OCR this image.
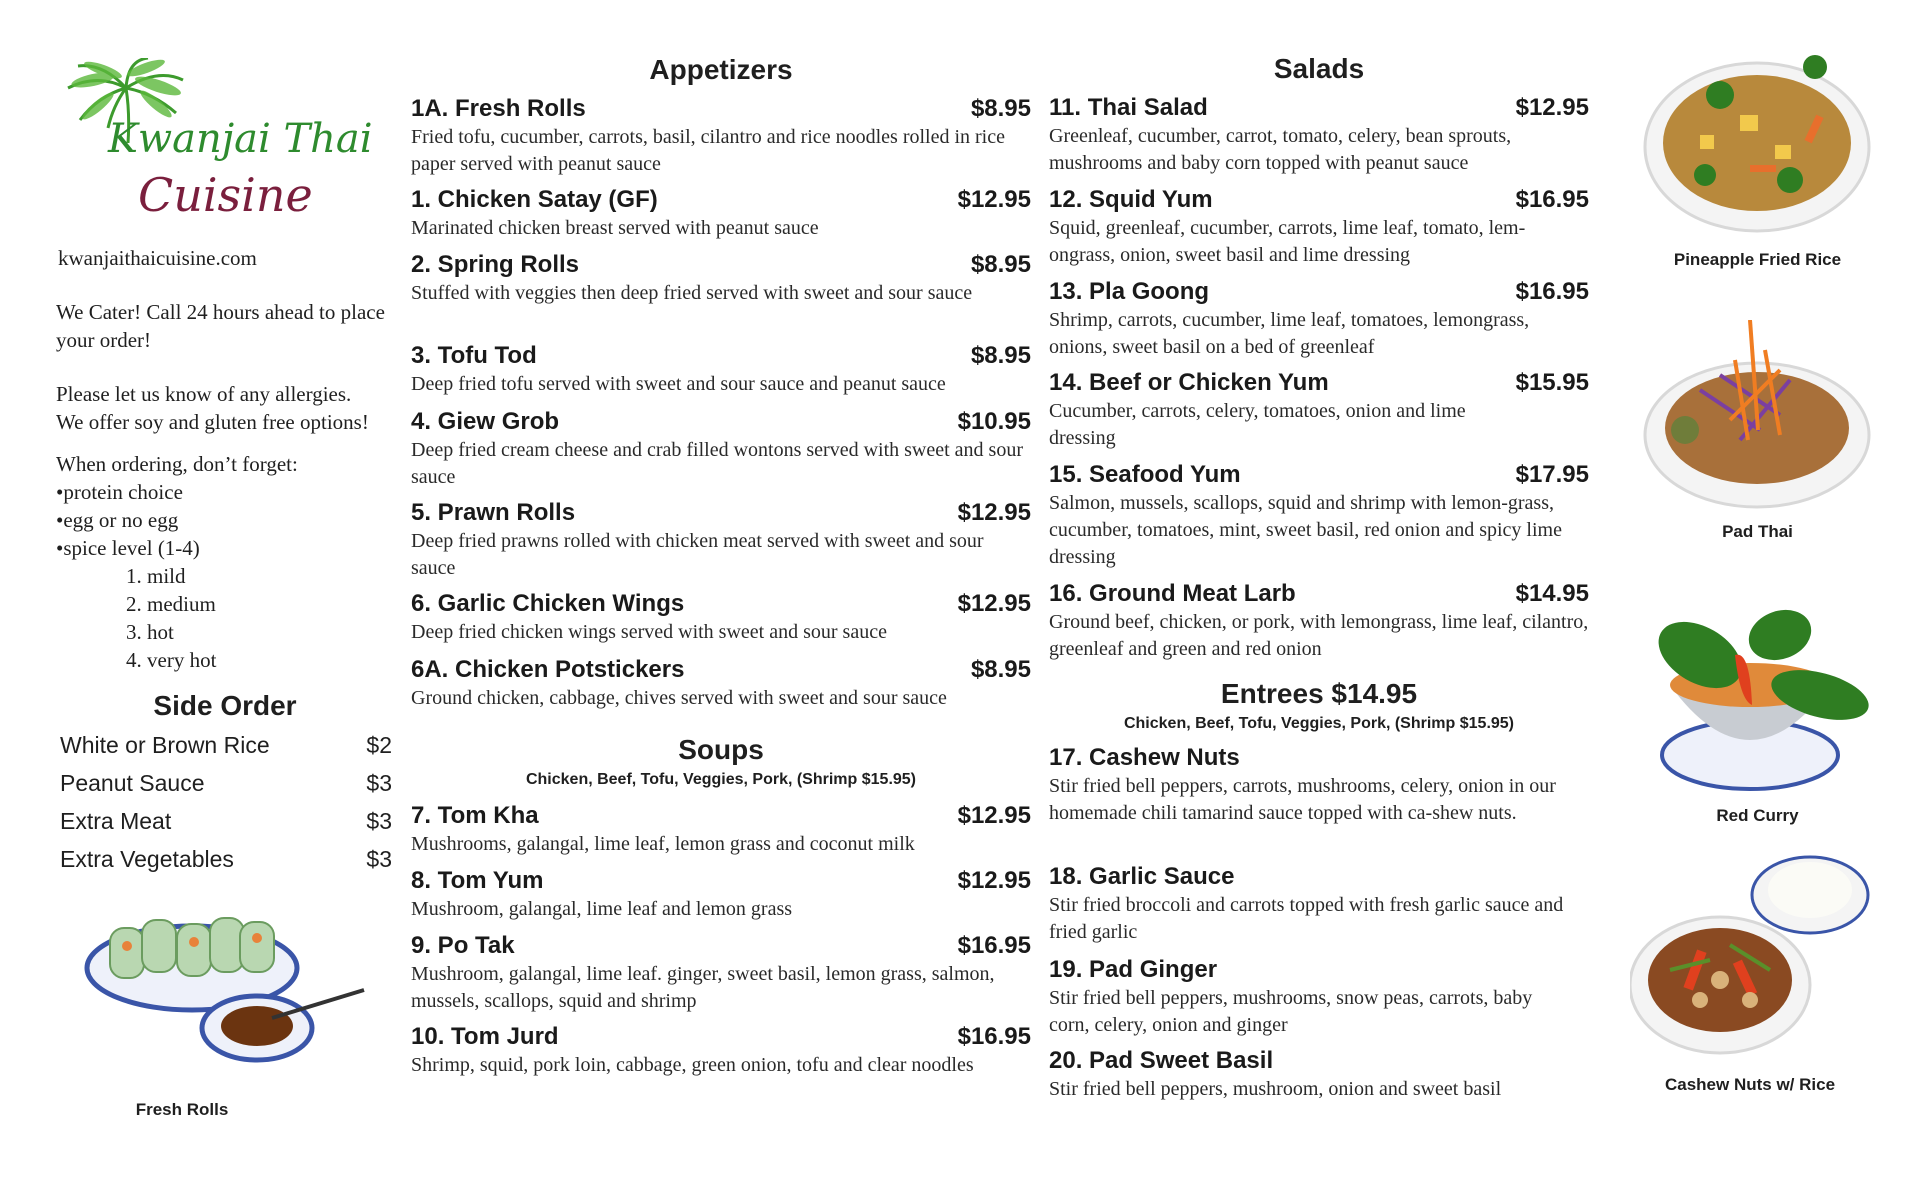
Kwanjai Thai
Cuisine
kwanjaithaicuisine.com
We Cater! Call 24 hours ahead to place your order!
Please let us know of any allergies.
We offer soy and gluten free options!
When ordering, don’t forget:
• protein choice
• egg or no egg
• spice level (1-4)
1. mild
2. medium
3. hot
4. very hot
Side Order
White or Brown Rice	$2
Peanut Sauce	$3
Extra Meat	$3
Extra Vegetables	$3
Fresh Rolls
Appetizers
1A. Fresh Rolls	$8.95
Fried tofu, cucumber, carrots, basil, cilantro and rice noodles rolled in rice paper served with peanut sauce
1. Chicken Satay (GF)	$12.95
Marinated chicken breast served with peanut sauce
2. Spring Rolls	$8.95
Stuffed with veggies then deep fried served with sweet and sour sauce
3. Tofu Tod	$8.95
Deep fried tofu served with sweet and sour sauce and peanut sauce
4. Giew Grob	$10.95
Deep fried cream cheese and crab filled wontons served with sweet and sour sauce
5. Prawn Rolls	$12.95
Deep fried prawns rolled with chicken meat served with sweet and sour sauce
6. Garlic Chicken Wings	$12.95
Deep fried chicken wings served with sweet and sour sauce
6A. Chicken Potstickers	$8.95
Ground chicken, cabbage, chives served with sweet and sour sauce
Soups
Chicken, Beef, Tofu, Veggies, Pork, (Shrimp $15.95)
7. Tom Kha	$12.95
Mushrooms, galangal, lime leaf, lemon grass and coconut milk
8. Tom Yum	$12.95
Mushroom, galangal, lime leaf and lemon grass
9. Po Tak	$16.95
Mushroom, galangal, lime leaf. ginger, sweet basil, lemon grass, salmon, mussels, scallops, squid and shrimp
10. Tom Jurd	$16.95
Shrimp, squid, pork loin, cabbage, green onion, tofu and clear noodles
Salads
11. Thai Salad	$12.95
Greenleaf, cucumber, carrot, tomato, celery, bean sprouts, mushrooms and baby corn topped with peanut sauce
12. Squid Yum	$16.95
Squid, greenleaf, cucumber, carrots, lime leaf, tomato, lem-ongrass, onion, sweet basil and lime dressing
13. Pla Goong	$16.95
Shrimp, carrots, cucumber, lime leaf, tomatoes, lemongrass, onions, sweet basil on a bed of greenleaf
14. Beef or Chicken Yum	$15.95
Cucumber, carrots, celery, tomatoes, onion and lime dressing
15. Seafood Yum	$17.95
Salmon, mussels, scallops, squid and shrimp with lemon-grass, cucumber, tomatoes, mint, sweet basil, red onion and spicy lime dressing
16. Ground Meat Larb	$14.95
Ground beef, chicken, or pork, with lemongrass, lime leaf, cilantro, greenleaf and green and red onion
Entrees $14.95
Chicken, Beef, Tofu, Veggies, Pork, (Shrimp $15.95)
17. Cashew Nuts
Stir fried bell peppers, carrots, mushrooms, celery, onion in our homemade chili tamarind sauce topped with ca-shew nuts.
18. Garlic Sauce
Stir fried broccoli and carrots topped with fresh garlic sauce and fried garlic
19. Pad Ginger
Stir fried bell peppers, mushrooms, snow peas, carrots, baby corn, celery, onion and ginger
20. Pad Sweet Basil
Stir fried bell peppers, mushroom, onion and sweet basil
Pineapple Fried Rice
Pad Thai
Red Curry
Cashew Nuts w/ Rice
